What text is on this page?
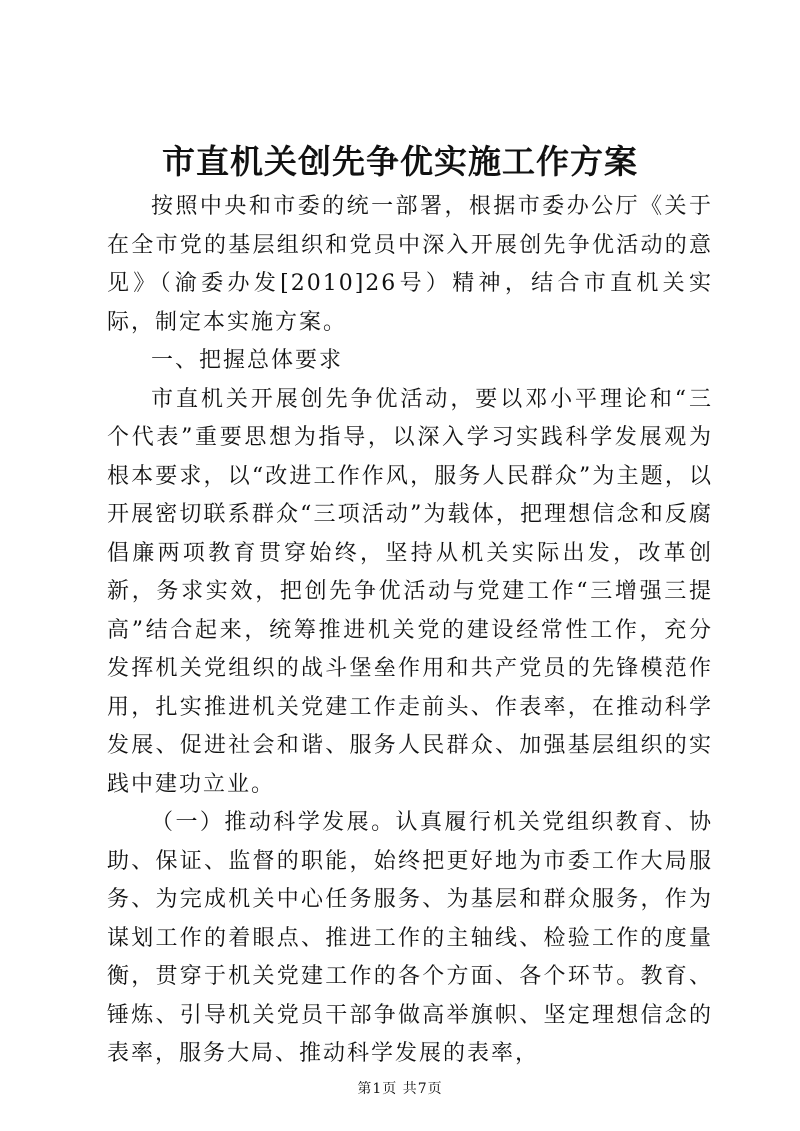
市直机关创先争优实施工作方案

按照中央和市委的统一部署，根据市委办公厅《关于在全市党的基层组织和党员中深入开展创先争优活动的意见》（渝委办发[2010]26号）精神，结合市直机关实际，制定本实施方案。

一、把握总体要求

市直机关开展创先争优活动，要以邓小平理论和“三个代表”重要思想为指导，以深入学习实践科学发展观为根本要求，以“改进工作作风，服务人民群众”为主题，以开展密切联系群众“三项活动”为载体，把理想信念和反腐倡廉两项教育贯穿始终，坚持从机关实际出发，改革创新，务求实效，把创先争优活动与党建工作“三增强三提高”结合起来，统筹推进机关党的建设经常性工作，充分发挥机关党组织的战斗堡垒作用和共产党员的先锋模范作用，扎实推进机关党建工作走前头、作表率，在推动科学发展、促进社会和谐、服务人民群众、加强基层组织的实践中建功立业。

（一）推动科学发展。认真履行机关党组织教育、协助、保证、监督的职能，始终把更好地为市委工作大局服务、为完成机关中心任务服务、为基层和群众服务，作为谋划工作的着眼点、推进工作的主轴线、检验工作的度量衡，贯穿于机关党建工作的各个方面、各个环节。教育、锤炼、引导机关党员干部争做高举旗帜、坚定理想信念的表率，服务大局、推动科学发展的表率，

第1页 共7页
